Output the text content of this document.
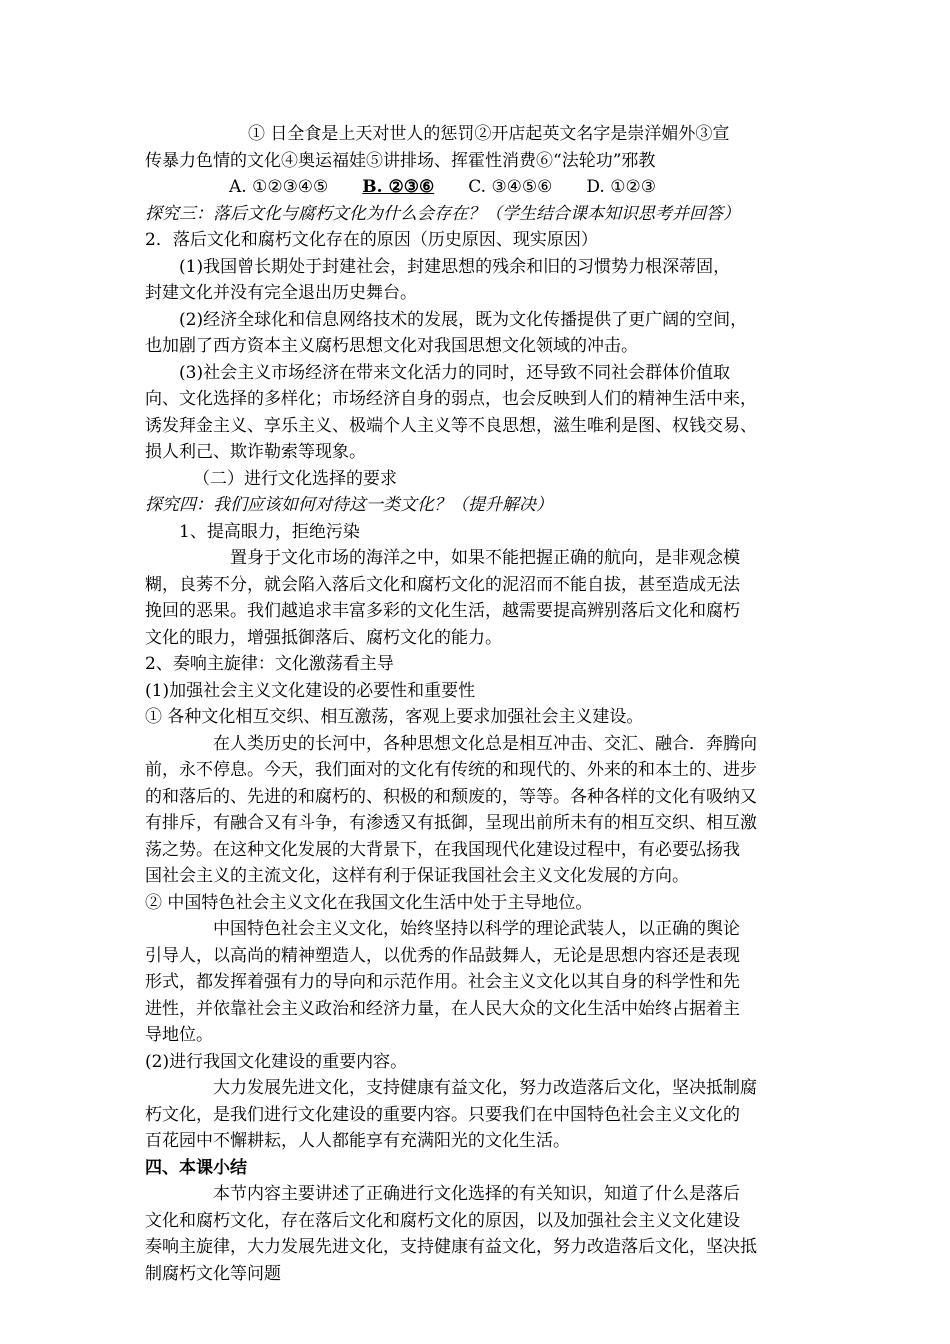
① 日全食是上天对世人的惩罚②开店起英文名字是崇洋媚外③宣
传暴力色情的文化④奥运福娃⑤讲排场、挥霍性消费⑥“法轮功”邪教
A. ①②③④⑤ B. ②③⑥ C. ③④⑤⑥ D. ①②③
探究三：落后文化与腐朽文化为什么会存在？（学生结合课本知识思考并回答）
2．落后文化和腐朽文化存在的原因（历史原因、现实原因）
(1)我国曾长期处于封建社会，封建思想的残余和旧的习惯势力根深蒂固，
封建文化并没有完全退出历史舞台。
(2)经济全球化和信息网络技术的发展，既为文化传播提供了更广阔的空间，
也加剧了西方资本主义腐朽思想文化对我国思想文化领域的冲击。
(3)社会主义市场经济在带来文化活力的同时，还导致不同社会群体价值取
向、文化选择的多样化；市场经济自身的弱点，也会反映到人们的精神生活中来，
诱发拜金主义、享乐主义、极端个人主义等不良思想，滋生唯利是图、权钱交易、
损人利己、欺诈勒索等现象。
（二）进行文化选择的要求
探究四：我们应该如何对待这一类文化？（提升解决）
1、提高眼力，拒绝污染
置身于文化市场的海洋之中，如果不能把握正确的航向，是非观念模
糊，良莠不分，就会陷入落后文化和腐朽文化的泥沼而不能自拔，甚至造成无法
挽回的恶果。我们越追求丰富多彩的文化生活，越需要提高辨别落后文化和腐朽
文化的眼力，增强抵御落后、腐朽文化的能力。
2、奏响主旋律：文化激荡看主导
(1)加强社会主义文化建设的必要性和重要性
① 各种文化相互交织、相互激荡，客观上要求加强社会主义建设。
在人类历史的长河中，各种思想文化总是相互冲击、交汇、融合．奔腾向
前，永不停息。今天，我们面对的文化有传统的和现代的、外来的和本土的、进步
的和落后的、先进的和腐朽的、积极的和颓废的，等等。各种各样的文化有吸纳又
有排斥，有融合又有斗争，有渗透又有抵御，呈现出前所未有的相互交织、相互激
荡之势。在这种文化发展的大背景下，在我国现代化建设过程中，有必要弘扬我
国社会主义的主流文化，这样有利于保证我国社会主义文化发展的方向。
② 中国特色社会主义文化在我国文化生活中处于主导地位。
中国特色社会主义文化，始终坚持以科学的理论武装人，以正确的舆论
引导人，以高尚的精神塑造人，以优秀的作品鼓舞人，无论是思想内容还是表现
形式，都发挥着强有力的导向和示范作用。社会主义文化以其自身的科学性和先
进性，并依靠社会主义政治和经济力量，在人民大众的文化生活中始终占据着主
导地位。
(2)进行我国文化建设的重要内容。
大力发展先进文化，支持健康有益文化，努力改造落后文化，坚决抵制腐
朽文化，是我们进行文化建设的重要内容。只要我们在中国特色社会主义文化的
百花园中不懈耕耘，人人都能享有充满阳光的文化生活。
四、本课小结
本节内容主要讲述了正确进行文化选择的有关知识，知道了什么是落后
文化和腐朽文化，存在落后文化和腐朽文化的原因，以及加强社会主义文化建设
奏响主旋律，大力发展先进文化，支持健康有益文化，努力改造落后文化，坚决抵
制腐朽文化等问题
